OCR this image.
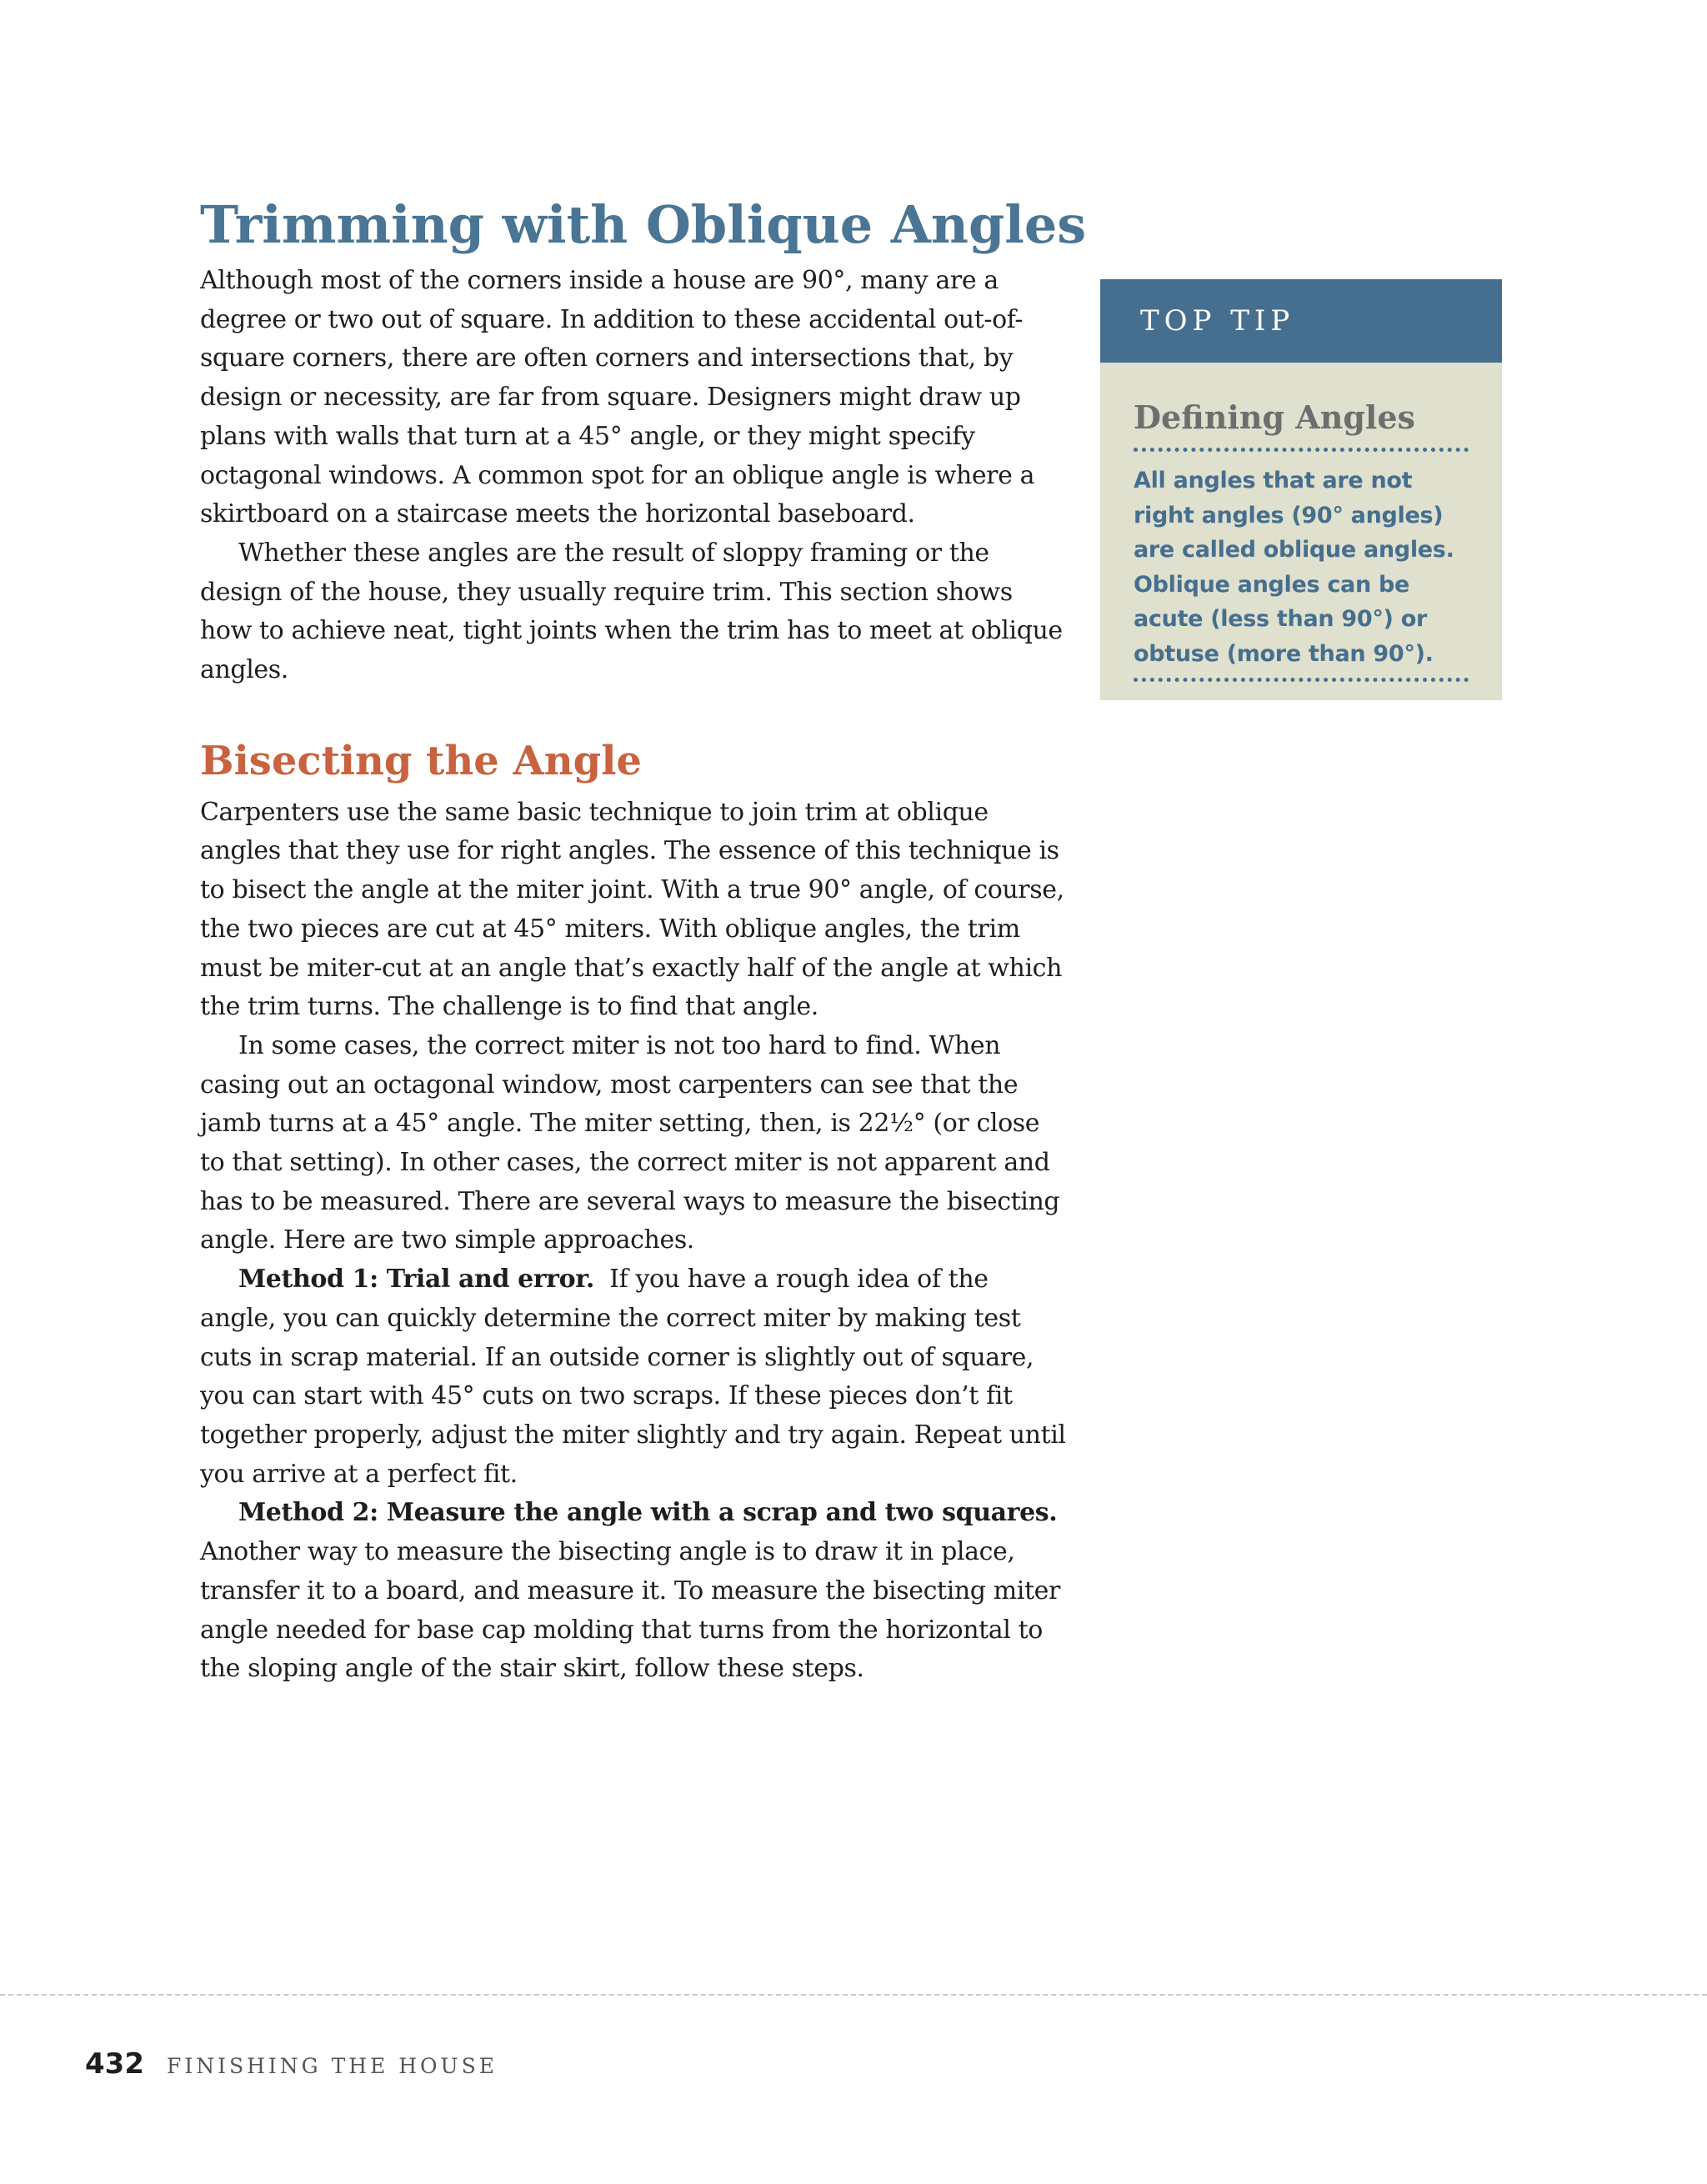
Trimming with Oblique Angles

Although most of the corners inside a house are 90°, many are a degree or two out of square. In addition to these accidental out-of-square corners, there are often corners and intersections that, by design or necessity, are far from square. Designers might draw up plans with walls that turn at a 45° angle, or they might specify octagonal windows. A common spot for an oblique angle is where a skirtboard on a staircase meets the horizontal baseboard.

Whether these angles are the result of sloppy framing or the design of the house, they usually require trim. This section shows how to achieve neat, tight joints when the trim has to meet at oblique angles.

Bisecting the Angle

Carpenters use the same basic technique to join trim at oblique angles that they use for right angles. The essence of this technique is to bisect the angle at the miter joint. With a true 90° angle, of course, the two pieces are cut at 45° miters. With oblique angles, the trim must be miter-cut at an angle that’s exactly half of the angle at which the trim turns. The challenge is to find that angle.

In some cases, the correct miter is not too hard to find. When casing out an octagonal window, most carpenters can see that the jamb turns at a 45° angle. The miter setting, then, is 22½° (or close to that setting). In other cases, the correct miter is not apparent and has to be measured. There are several ways to measure the bisecting angle. Here are two simple approaches.

Method 1: Trial and error. If you have a rough idea of the angle, you can quickly determine the correct miter by making test cuts in scrap material. If an outside corner is slightly out of square, you can start with 45° cuts on two scraps. If these pieces don’t fit together properly, adjust the miter slightly and try again. Repeat until you arrive at a perfect fit.

Method 2: Measure the angle with a scrap and two squares. Another way to measure the bisecting angle is to draw it in place, transfer it to a board, and measure it. To measure the bisecting miter angle needed for base cap molding that turns from the horizontal to the sloping angle of the stair skirt, follow these steps.

TOP TIP
Defining Angles
All angles that are not right angles (90° angles) are called oblique angles. Oblique angles can be acute (less than 90°) or obtuse (more than 90°).
432 FINISHING THE HOUSE
